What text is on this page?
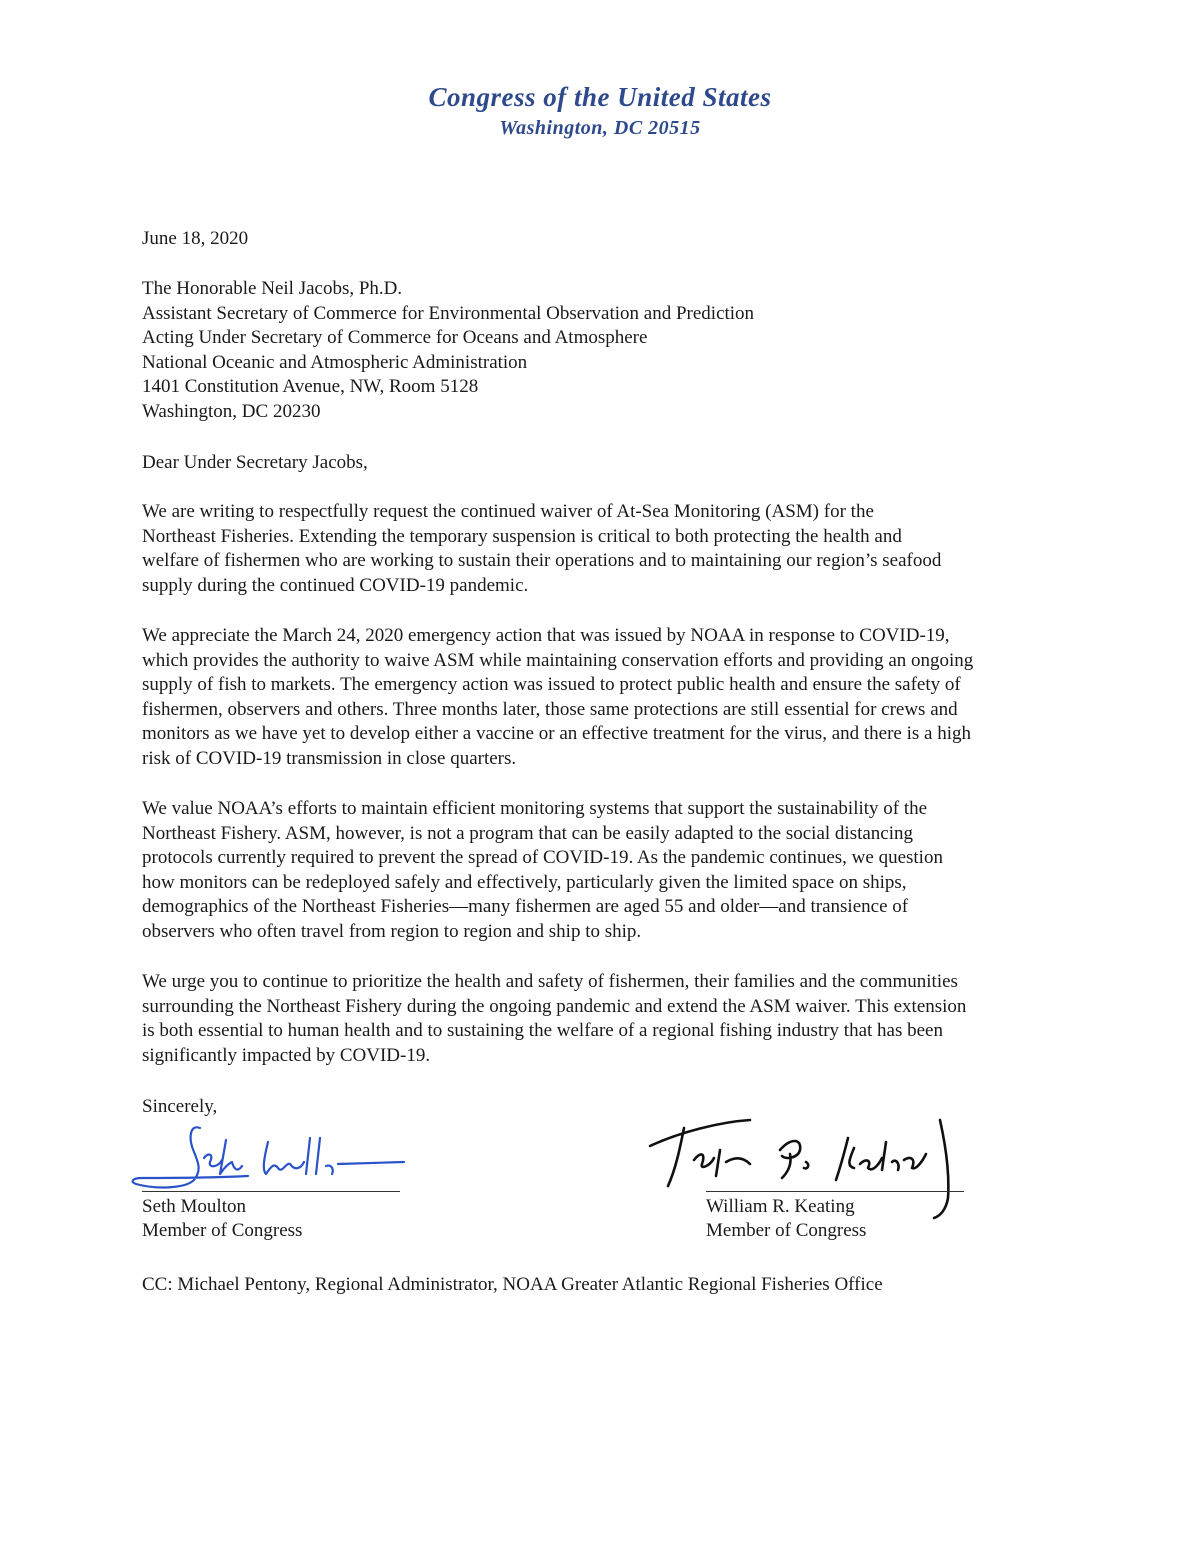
Congress of the United States
Washington, DC 20515
June 18, 2020
The Honorable Neil Jacobs, Ph.D.
Assistant Secretary of Commerce for Environmental Observation and Prediction
Acting Under Secretary of Commerce for Oceans and Atmosphere
National Oceanic and Atmospheric Administration
1401 Constitution Avenue, NW, Room 5128
Washington, DC 20230
Dear Under Secretary Jacobs,
We are writing to respectfully request the continued waiver of At-Sea Monitoring (ASM) for the
Northeast Fisheries. Extending the temporary suspension is critical to both protecting the health and
welfare of fishermen who are working to sustain their operations and to maintaining our region’s seafood
supply during the continued COVID-19 pandemic.
We appreciate the March 24, 2020 emergency action that was issued by NOAA in response to COVID-19,
which provides the authority to waive ASM while maintaining conservation efforts and providing an ongoing
supply of fish to markets. The emergency action was issued to protect public health and ensure the safety of
fishermen, observers and others. Three months later, those same protections are still essential for crews and
monitors as we have yet to develop either a vaccine or an effective treatment for the virus, and there is a high
risk of COVID-19 transmission in close quarters.
We value NOAA’s efforts to maintain efficient monitoring systems that support the sustainability of the
Northeast Fishery. ASM, however, is not a program that can be easily adapted to the social distancing
protocols currently required to prevent the spread of COVID-19. As the pandemic continues, we question
how monitors can be redeployed safely and effectively, particularly given the limited space on ships,
demographics of the Northeast Fisheries—many fishermen are aged 55 and older—and transience of
observers who often travel from region to region and ship to ship.
We urge you to continue to prioritize the health and safety of fishermen, their families and the communities
surrounding the Northeast Fishery during the ongoing pandemic and extend the ASM waiver. This extension
is both essential to human health and to sustaining the welfare of a regional fishing industry that has been
significantly impacted by COVID-19.
Sincerely,
Seth Moulton
Member of Congress
William R. Keating
Member of Congress
CC: Michael Pentony, Regional Administrator, NOAA Greater Atlantic Regional Fisheries Office
